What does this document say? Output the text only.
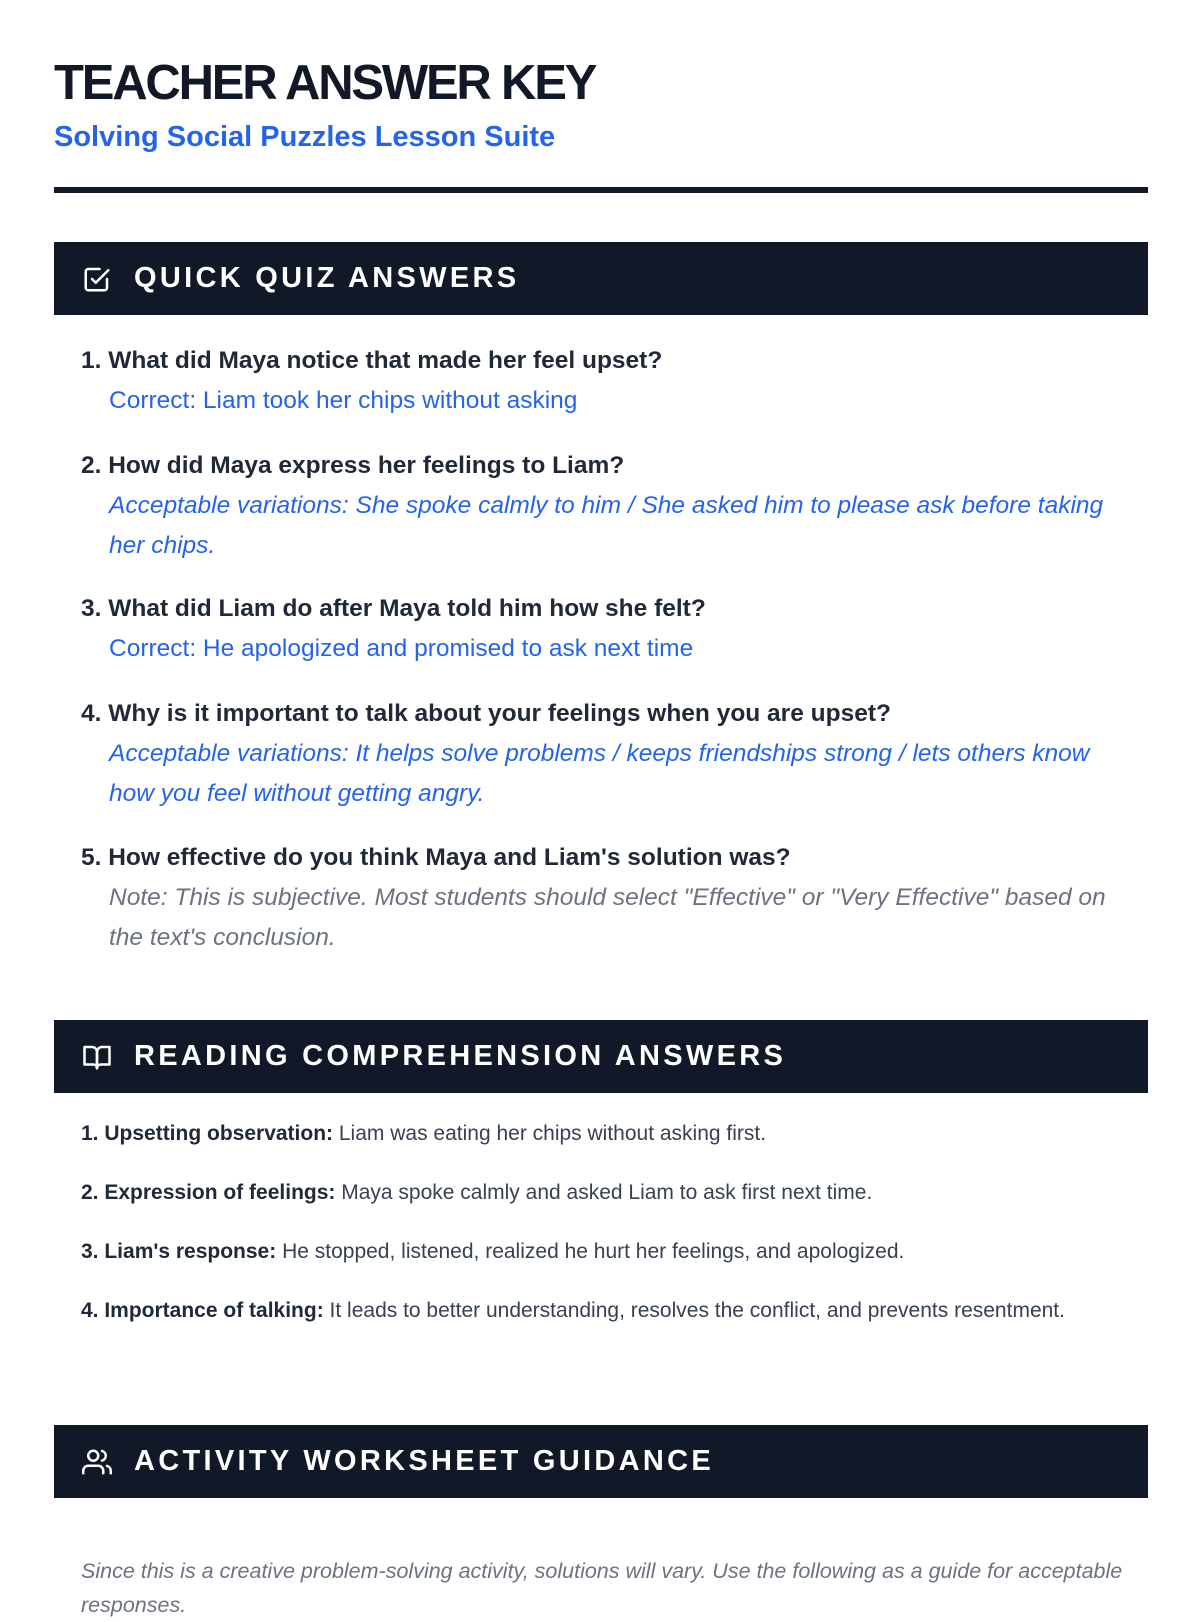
TEACHER ANSWER KEY
Solving Social Puzzles Lesson Suite
QUICK QUIZ ANSWERS
1. What did Maya notice that made her feel upset?
Correct: Liam took her chips without asking
2. How did Maya express her feelings to Liam?
Acceptable variations: She spoke calmly to him / She asked him to please ask before taking her chips.
3. What did Liam do after Maya told him how she felt?
Correct: He apologized and promised to ask next time
4. Why is it important to talk about your feelings when you are upset?
Acceptable variations: It helps solve problems / keeps friendships strong / lets others know how you feel without getting angry.
5. How effective do you think Maya and Liam's solution was?
Note: This is subjective. Most students should select "Effective" or "Very Effective" based on the text's conclusion.
READING COMPREHENSION ANSWERS
1. Upsetting observation: Liam was eating her chips without asking first.
2. Expression of feelings: Maya spoke calmly and asked Liam to ask first next time.
3. Liam's response: He stopped, listened, realized he hurt her feelings, and apologized.
4. Importance of talking: It leads to better understanding, resolves the conflict, and prevents resentment.
ACTIVITY WORKSHEET GUIDANCE
Since this is a creative problem-solving activity, solutions will vary. Use the following as a guide for acceptable responses.
